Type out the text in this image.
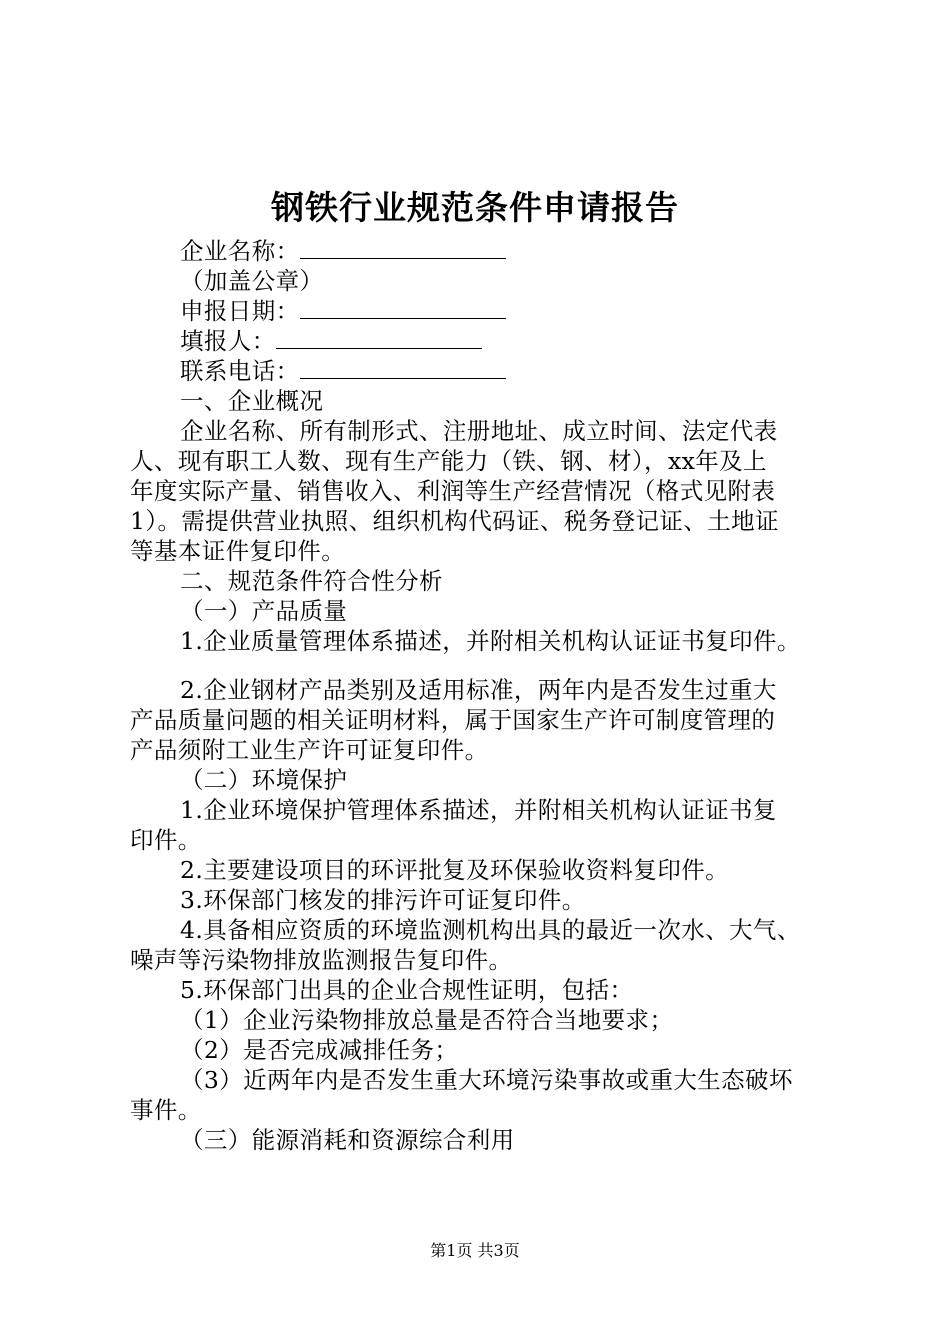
钢铁行业规范条件申请报告
企业名称：
（加盖公章）
申报日期：
填报人：
联系电话：
一、企业概况
企业名称、所有制形式、注册地址、成立时间、法定代表
人、现有职工人数、现有生产能力（铁、钢、材），xx年及上
年度实际产量、销售收入、利润等生产经营情况（格式见附表
1）。需提供营业执照、组织机构代码证、税务登记证、土地证
等基本证件复印件。
二、规范条件符合性分析
（一）产品质量
1.企业质量管理体系描述，并附相关机构认证证书复印件。
2.企业钢材产品类别及适用标准，两年内是否发生过重大
产品质量问题的相关证明材料，属于国家生产许可制度管理的
产品须附工业生产许可证复印件。
（二）环境保护
1.企业环境保护管理体系描述，并附相关机构认证证书复
印件。
2.主要建设项目的环评批复及环保验收资料复印件。
3.环保部门核发的排污许可证复印件。
4.具备相应资质的环境监测机构出具的最近一次水、大气、
噪声等污染物排放监测报告复印件。
5.环保部门出具的企业合规性证明，包括：
（1）企业污染物排放总量是否符合当地要求；
（2）是否完成减排任务；
（3）近两年内是否发生重大环境污染事故或重大生态破坏
事件。
（三）能源消耗和资源综合利用
第1页 共3页
